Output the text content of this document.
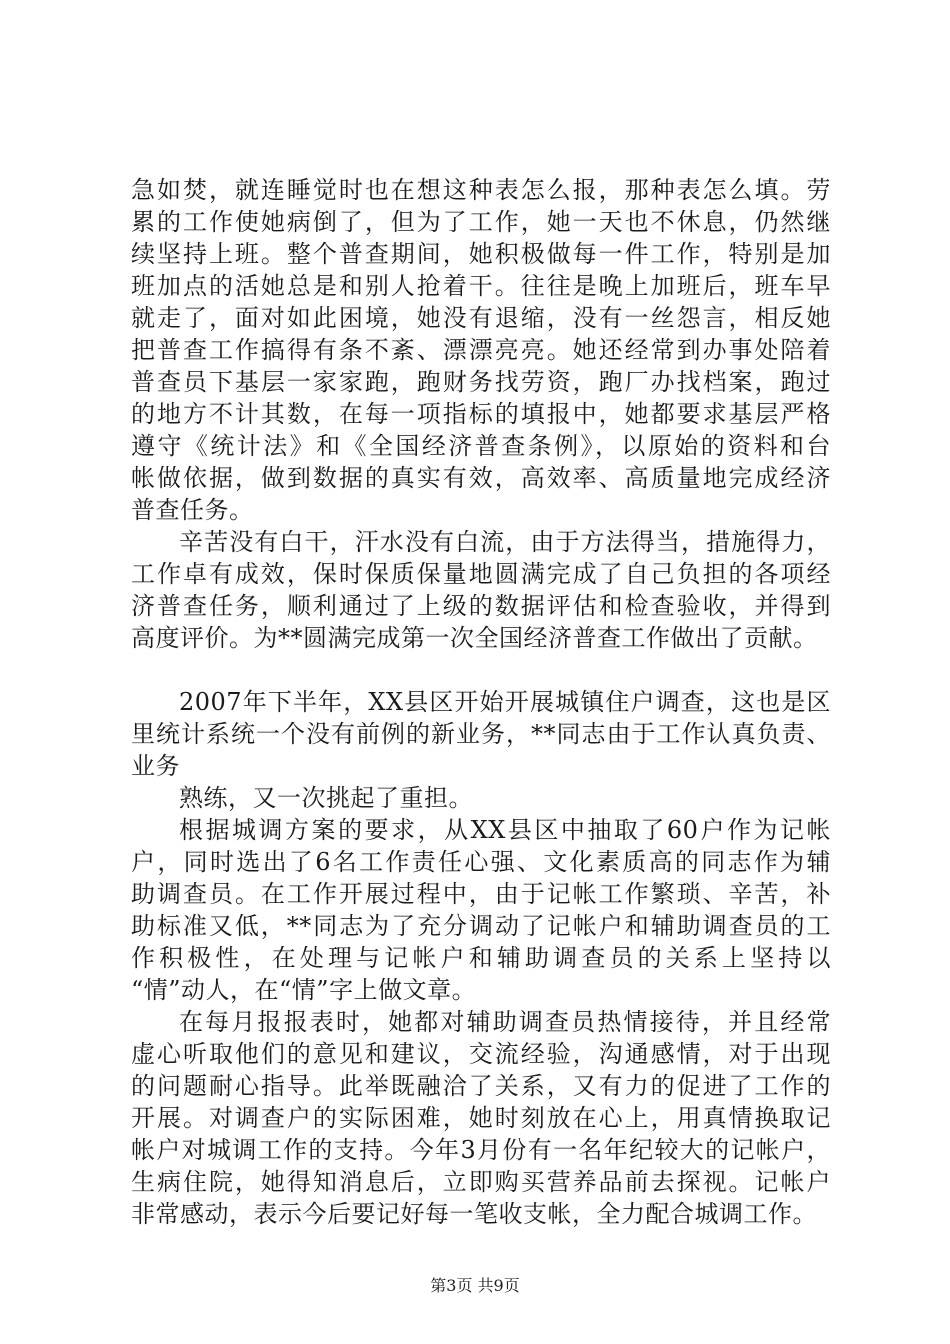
急如焚，就连睡觉时也在想这种表怎么报，那种表怎么填。劳
累的工作使她病倒了，但为了工作，她一天也不休息，仍然继
续坚持上班。整个普查期间，她积极做每一件工作，特别是加
班加点的活她总是和别人抢着干。往往是晚上加班后，班车早
就走了，面对如此困境，她没有退缩，没有一丝怨言，相反她
把普查工作搞得有条不紊、漂漂亮亮。她还经常到办事处陪着
普查员下基层一家家跑，跑财务找劳资，跑厂办找档案，跑过
的地方不计其数，在每一项指标的填报中，她都要求基层严格
遵守《统计法》和《全国经济普查条例》，以原始的资料和台
帐做依据，做到数据的真实有效，高效率、高质量地完成经济
普查任务。
辛苦没有白干，汗水没有白流，由于方法得当，措施得力，
工作卓有成效，保时保质保量地圆满完成了自己负担的各项经
济普查任务，顺利通过了上级的数据评估和检查验收，并得到
高度评价。为**圆满完成第一次全国经济普查工作做出了贡献。
2007年下半年，XX县区开始开展城镇住户调查，这也是区
里统计系统一个没有前例的新业务，**同志由于工作认真负责、
业务
熟练，又一次挑起了重担。
根据城调方案的要求，从XX县区中抽取了60户作为记帐
户，同时选出了6名工作责任心强、文化素质高的同志作为辅
助调查员。在工作开展过程中，由于记帐工作繁琐、辛苦，补
助标准又低，**同志为了充分调动了记帐户和辅助调查员的工
作积极性，在处理与记帐户和辅助调查员的关系上坚持以
“情”动人，在“情”字上做文章。
在每月报报表时，她都对辅助调查员热情接待，并且经常
虚心听取他们的意见和建议，交流经验，沟通感情，对于出现
的问题耐心指导。此举既融洽了关系，又有力的促进了工作的
开展。对调查户的实际困难，她时刻放在心上，用真情换取记
帐户对城调工作的支持。今年3月份有一名年纪较大的记帐户，
生病住院，她得知消息后，立即购买营养品前去探视。记帐户
非常感动，表示今后要记好每一笔收支帐，全力配合城调工作。
第3页 共9页
